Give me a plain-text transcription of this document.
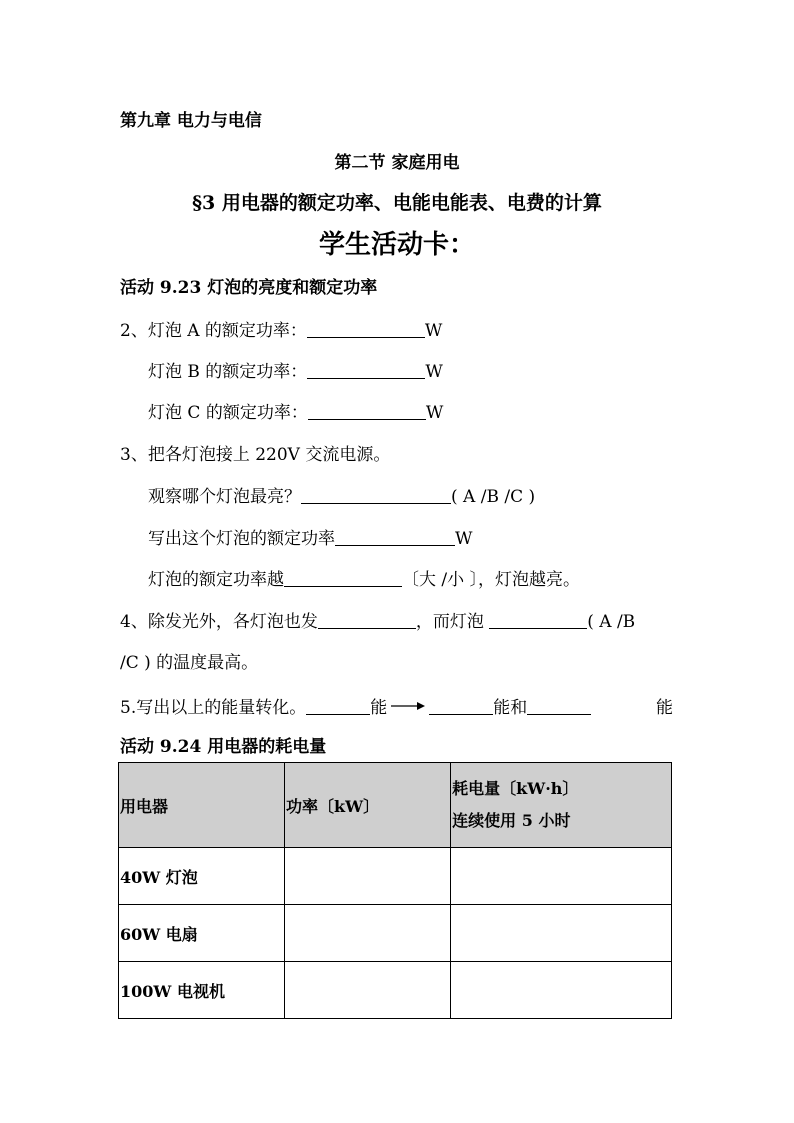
第九章 电力与电信
第二节 家庭用电
§3 用电器的额定功率、电能电能表、电费的计算
学生活动卡：
活动 9.23 灯泡的亮度和额定功率
2、灯泡 A 的额定功率：	W
灯泡 B 的额定功率：	W
灯泡 C 的额定功率：	W
3、把各灯泡接上 220V 交流电源。
观察哪个灯泡最亮？	( A /B /C )
写出这个灯泡的额定功率	W
灯泡的额定功率越	〔大 /小 〕，灯泡越亮。
4、除发光外，各灯泡也发	，而灯泡	( A /B
/C ) 的温度最高。
5.写出以上的能量转化。	能	能和	能
活动 9.24 用电器的耗电量
用电器	功率〔kW〕	耗电量〔kW·h〕
连续使用 5 小时

40W 灯泡		
60W 电扇		
100W 电视机		
